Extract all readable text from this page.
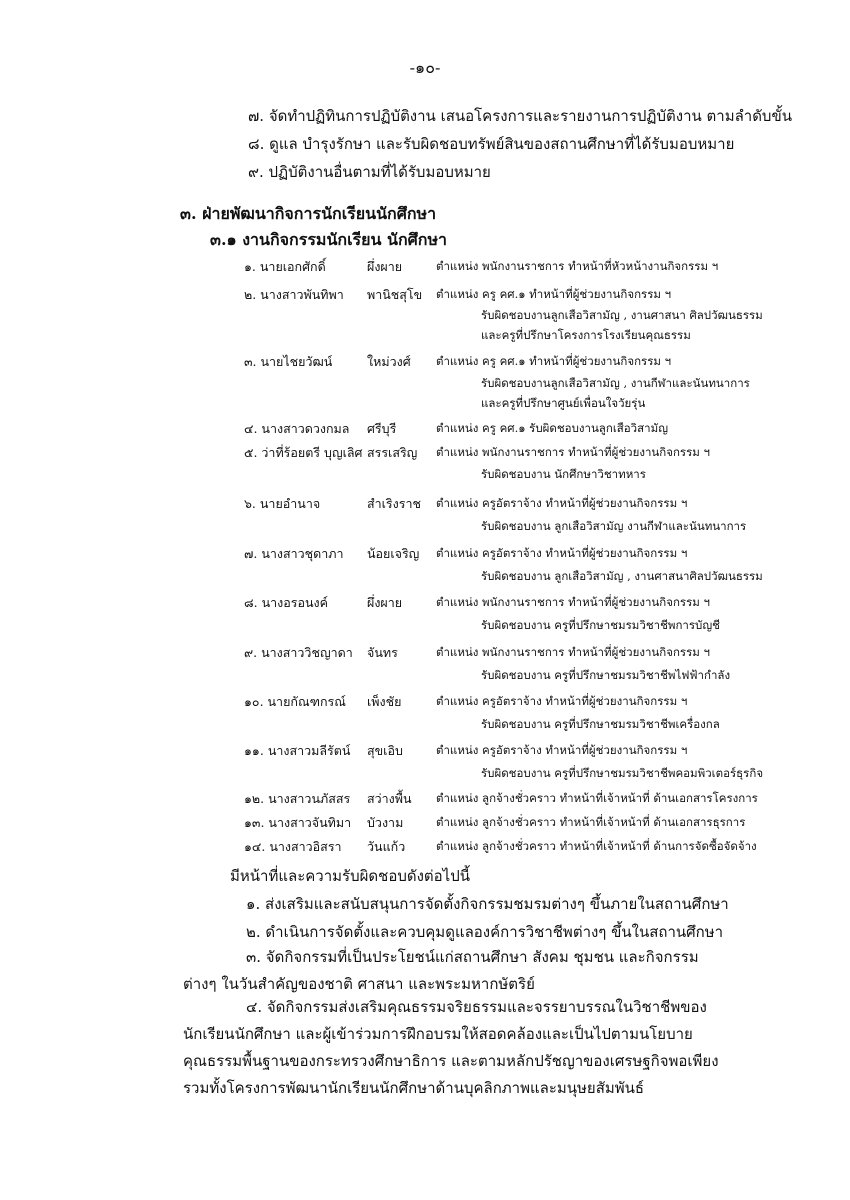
-๑๐-
๗. จัดทำปฏิทินการปฏิบัติงาน เสนอโครงการและรายงานการปฏิบัติงาน ตามลำดับขั้น
๘. ดูแล บำรุงรักษา และรับผิดชอบทรัพย์สินของสถานศึกษาที่ได้รับมอบหมาย
๙. ปฏิบัติงานอื่นตามที่ได้รับมอบหมาย
๓. ฝ่ายพัฒนากิจการนักเรียนนักศึกษา
๓.๑ งานกิจกรรมนักเรียน นักศึกษา
๑. นายเอกศักดิ์	ผึ่งผาย	ตำแหน่ง พนักงานราชการ ทำหน้าที่หัวหน้างานกิจกรรม ฯ
๒. นางสาวพันทิพา พานิชสุโข ตำแหน่ง ครู คศ.๑ ทำหน้าที่ผู้ช่วยงานกิจกรรม ฯ
รับผิดชอบงานลูกเสือวิสามัญ , งานศาสนา ศิลปวัฒนธรรม
และครูที่ปรึกษาโครงการโรงเรียนคุณธรรม
๓. นายไชยวัฒน์	ใหม่วงศ์ ตำแหน่ง ครู คศ.๑ ทำหน้าที่ผู้ช่วยงานกิจกรรม ฯ
รับผิดชอบงานลูกเสือวิสามัญ , งานกีฬาและนันทนาการ
และครูที่ปรึกษาศูนย์เพื่อนใจวัยรุ่น
๔. นางสาวดวงกมล ศรีบุรี	ตำแหน่ง ครู คศ.๑ รับผิดชอบงานลูกเสือวิสามัญ
๕. ว่าที่ร้อยตรี บุญเลิศ สรรเสริญ ตำแหน่ง พนักงานราชการ ทำหน้าที่ผู้ช่วยงานกิจกรรม ฯ
รับผิดชอบงาน นักศึกษาวิชาทหาร
๖. นายอำนาจ	สำเริงราช ตำแหน่ง ครูอัตราจ้าง ทำหน้าที่ผู้ช่วยงานกิจกรรม ฯ
รับผิดชอบงาน ลูกเสือวิสามัญ งานกีฬาและนันทนาการ
๗. นางสาวชุดาภา น้อยเจริญ ตำแหน่ง ครูอัตราจ้าง ทำหน้าที่ผู้ช่วยงานกิจกรรม ฯ
รับผิดชอบงาน ลูกเสือวิสามัญ , งานศาสนาศิลปวัฒนธรรม
๘. นางอรอนงค์	ผึ่งผาย	ตำแหน่ง พนักงานราชการ ทำหน้าที่ผู้ช่วยงานกิจกรรม ฯ
รับผิดชอบงาน ครูที่ปรึกษาชมรมวิชาชีพการบัญชี
๙. นางสาววิชญาดา จันทร	ตำแหน่ง พนักงานราชการ ทำหน้าที่ผู้ช่วยงานกิจกรรม ฯ
รับผิดชอบงาน ครูที่ปรึกษาชมรมวิชาชีพไฟฟ้ากำลัง
๑๐. นายกัณฑกรณ์ เพ็งชัย	ตำแหน่ง ครูอัตราจ้าง ทำหน้าที่ผู้ช่วยงานกิจกรรม ฯ
รับผิดชอบงาน ครูที่ปรึกษาชมรมวิชาชีพเครื่องกล
๑๑. นางสาวมลีรัตน์ สุขเอิบ	ตำแหน่ง ครูอัตราจ้าง ทำหน้าที่ผู้ช่วยงานกิจกรรม ฯ
รับผิดชอบงาน ครูที่ปรึกษาชมรมวิชาชีพคอมพิวเตอร์ธุรกิจ
๑๒. นางสาวนภัสสร สว่างพื้น ตำแหน่ง ลูกจ้างชั่วคราว ทำหน้าที่เจ้าหน้าที่ ด้านเอกสารโครงการ
๑๓. นางสาวจันทิมา บัวงาม	ตำแหน่ง ลูกจ้างชั่วคราว ทำหน้าที่เจ้าหน้าที่ ด้านเอกสารธุรการ
๑๔. นางสาวอิสรา วันแก้ว	ตำแหน่ง ลูกจ้างชั่วคราว ทำหน้าที่เจ้าหน้าที่ ด้านการจัดซื้อจัดจ้าง
มีหน้าที่และความรับผิดชอบดังต่อไปนี้
๑. ส่งเสริมและสนับสนุนการจัดตั้งกิจกรรมชมรมต่างๆ ขึ้นภายในสถานศึกษา
๒. ดำเนินการจัดตั้งและควบคุมดูแลองค์การวิชาชีพต่างๆ ขึ้นในสถานศึกษา
๓. จัดกิจกรรมที่เป็นประโยชน์แก่สถานศึกษา สังคม ชุมชน และกิจกรรมต่างๆ ในวันสำคัญของชาติ ศาสนา และพระมหากษัตริย์
๔. จัดกิจกรรมส่งเสริมคุณธรรมจริยธรรมและจรรยาบรรณในวิชาชีพของนักเรียนนักศึกษา และผู้เข้าร่วมการฝึกอบรมให้สอดคล้องและเป็นไปตามนโยบายคุณธรรมพื้นฐานของกระทรวงศึกษาธิการ และตามหลักปรัชญาของเศรษฐกิจพอเพียง รวมทั้งโครงการพัฒนานักเรียนนักศึกษาด้านบุคลิกภาพและมนุษยสัมพันธ์
